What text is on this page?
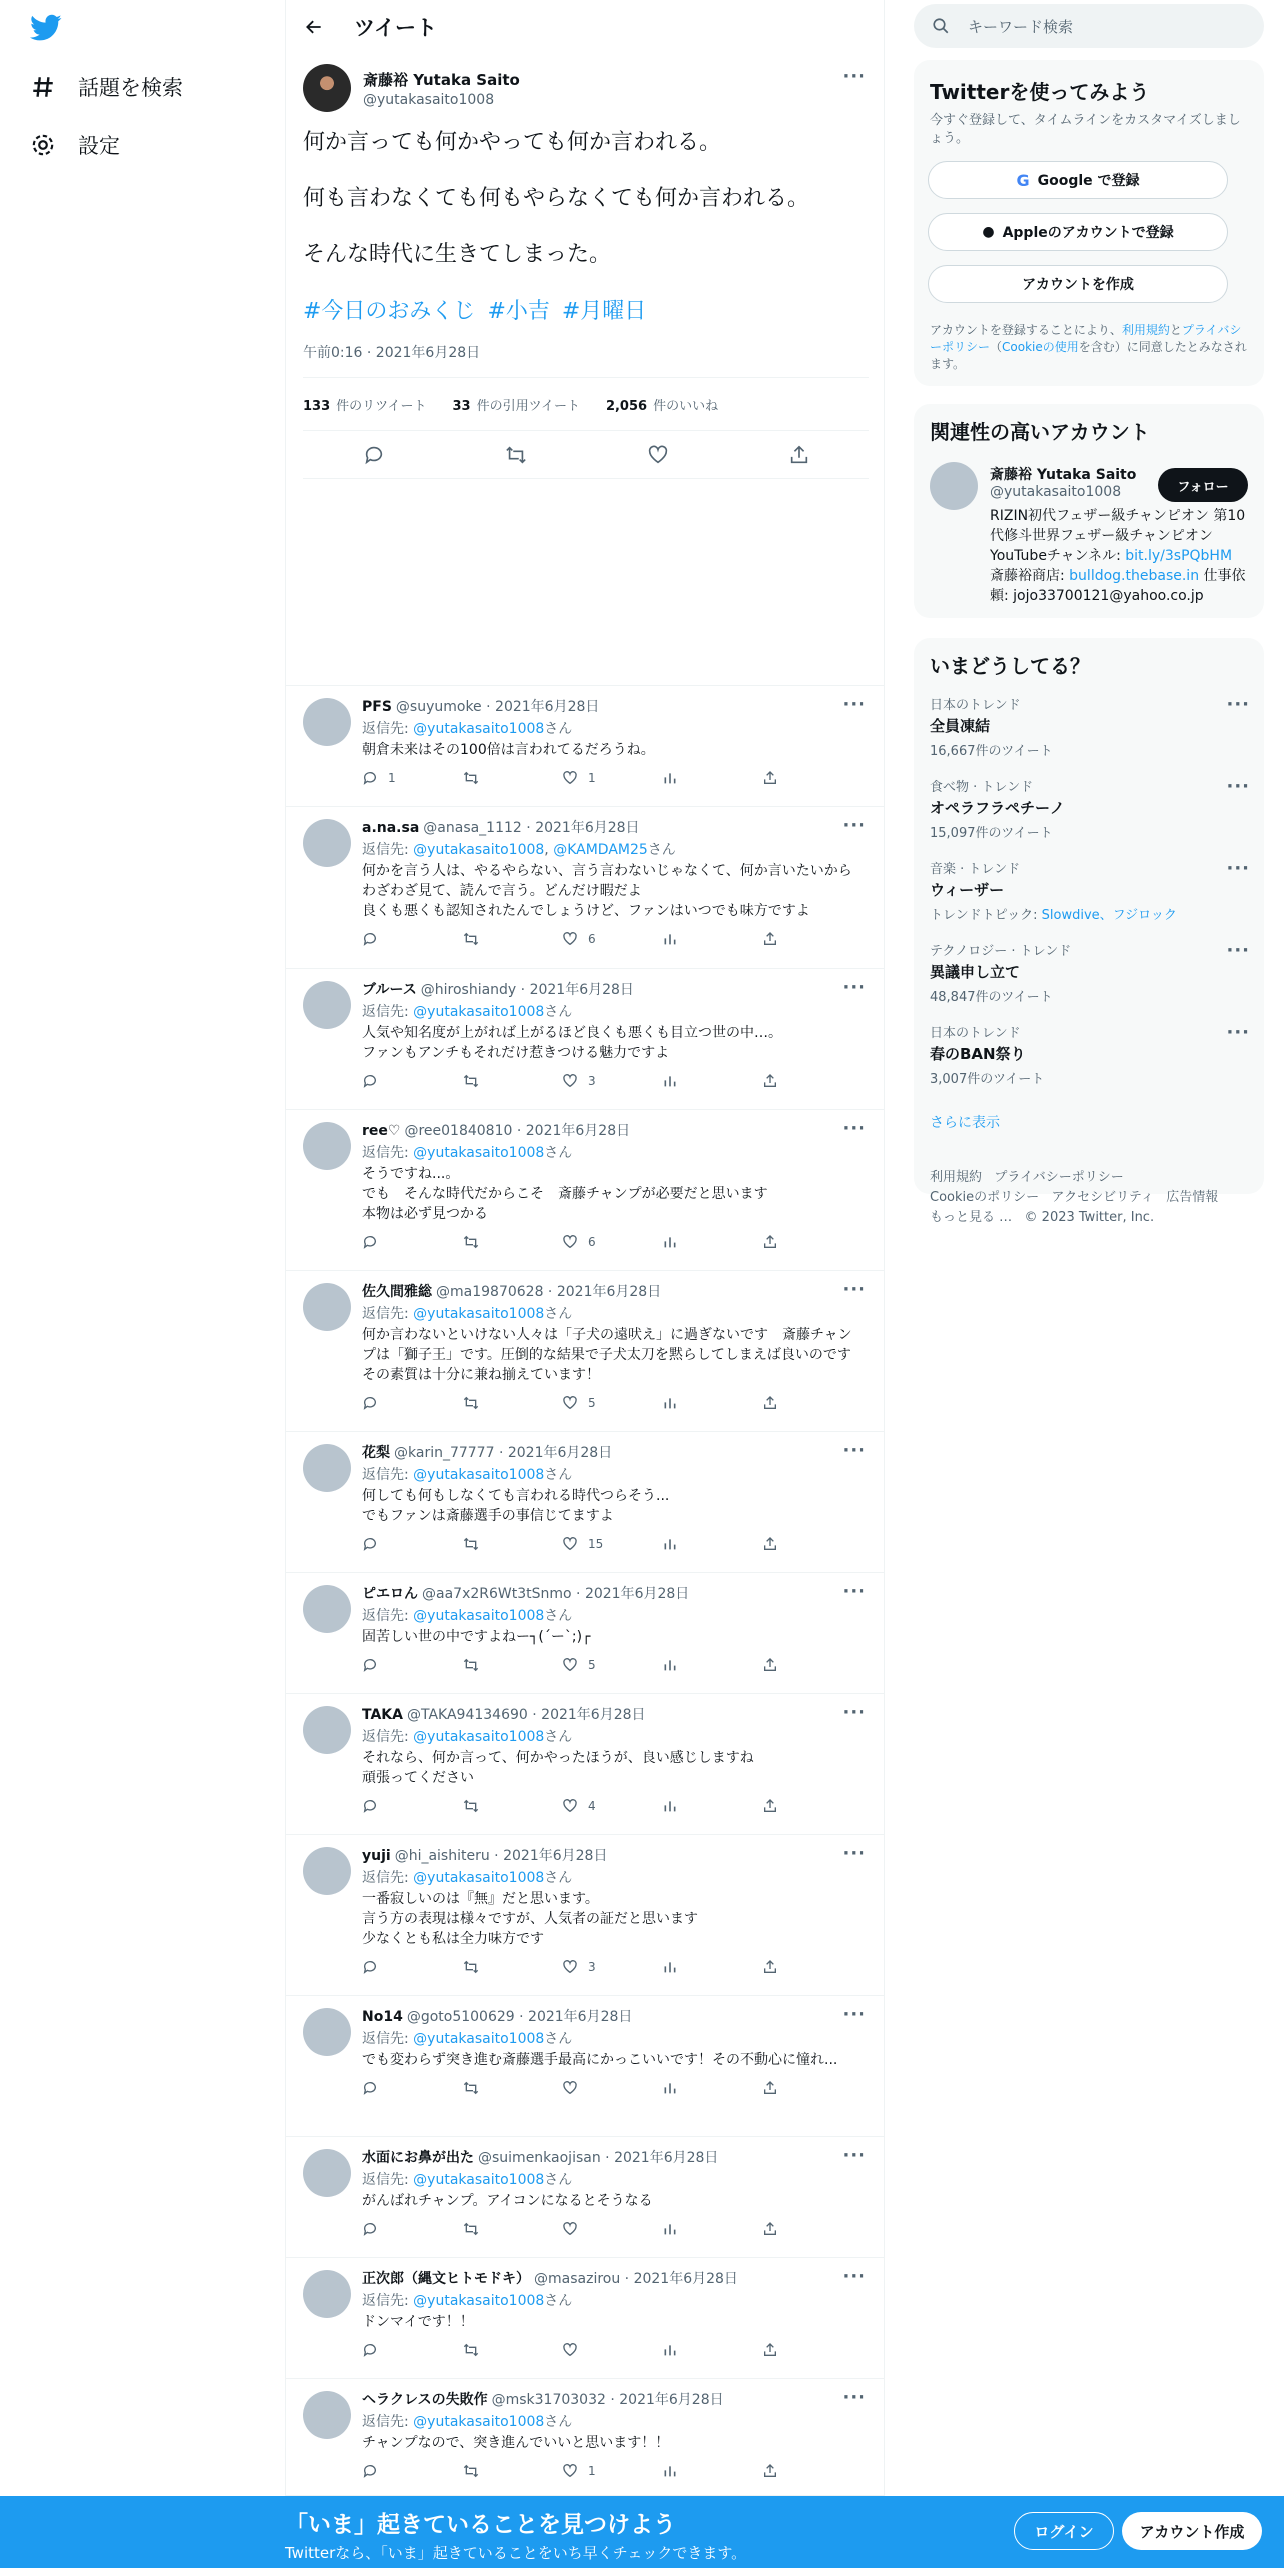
話題を検索
設定
ツイート
斎藤裕 Yutaka Saito
@yutakasaito1008
···
何か言っても何かやっても何か言われる。
何も言わなくても何もやらなくても何か言われる。
そんな時代に生きてしまった。
#今日のおみくじ #小吉 #月曜日
午前0:16 · 2021年6月28日
133 件のリツイート 33 件の引用ツイート 2,056 件のいいね
···
PFS @suyumoke · 2021年6月28日
返信先: @yutakasaito1008さん
朝倉未来はその100倍は言われてるだろうね。
1	1
···
a.na.sa @anasa_1112 · 2021年6月28日
返信先: @yutakasaito1008, @KAMDAM25さん
何かを言う人は、やるやらない、言う言わないじゃなくて、何か言いたいからわざわざ見て、読んで言う。どんだけ暇だよ
良くも悪くも認知されたんでしょうけど、ファンはいつでも味方ですよ
6
···
ブルース @hiroshiandy · 2021年6月28日
返信先: @yutakasaito1008さん
人気や知名度が上がれば上がるほど良くも悪くも目立つ世の中…。
ファンもアンチもそれだけ惹きつける魅力ですよ
3
···
ree♡ @ree01840810 · 2021年6月28日
返信先: @yutakasaito1008さん
そうですね...。
でも　そんな時代だからこそ　斎藤チャンプが必要だと思います
本物は必ず見つかる
6
···
佐久間雅総 @ma19870628 · 2021年6月28日
返信先: @yutakasaito1008さん
何か言わないといけない人々は「子犬の遠吠え」に過ぎないです　斎藤チャンプは「獅子王」です。圧倒的な結果で子犬太刀を黙らしてしまえば良いのです　その素質は十分に兼ね揃えています！
5
···
花梨 @karin_77777 · 2021年6月28日
返信先: @yutakasaito1008さん
何しても何もしなくても言われる時代つらそう...
でもファンは斎藤選手の事信じてますよ
15
···
ピエロん @aa7x2R6Wt3tSnmo · 2021年6月28日
返信先: @yutakasaito1008さん
固苦しい世の中ですよねー┐(´ー`;)┌
5
···
TAKA @TAKA94134690 · 2021年6月28日
返信先: @yutakasaito1008さん
それなら、何か言って、何かやったほうが、良い感じしますね
頑張ってください
4
···
yuji @hi_aishiteru · 2021年6月28日
返信先: @yutakasaito1008さん
一番寂しいのは『無』だと思います。
言う方の表現は様々ですが、人気者の証だと思います
少なくとも私は全力味方です
3
···
No14 @goto5100629 · 2021年6月28日
返信先: @yutakasaito1008さん
でも変わらず突き進む斎藤選手最高にかっこいいです！その不動心に憧れ...
···
水面にお鼻が出た @suimenkaojisan · 2021年6月28日
返信先: @yutakasaito1008さん
がんばれチャンプ。アイコンになるとそうなる
···
正次郎（縄文ヒトモドキ） @masazirou · 2021年6月28日
返信先: @yutakasaito1008さん
ドンマイです！！
···
ヘラクレスの失敗作 @msk31703032 · 2021年6月28日
返信先: @yutakasaito1008さん
チャンプなので、突き進んでいいと思います！！
1
キーワード検索
Twitterを使ってみよう
今すぐ登録して、タイムラインをカスタマイズしましょう。
G Google で登録
● Appleのアカウントで登録
アカウントを作成
アカウントを登録することにより、利用規約とプライバシーポリシー（Cookieの使用を含む）に同意したとみなされます。
関連性の高いアカウント
斎藤裕 Yutaka Saito
@yutakasaito1008	フォロー
RIZIN初代フェザー級チャンピオン 第10代修斗世界フェザー級チャンピオン YouTubeチャンネル: bit.ly/3sPQbHM
斎藤裕商店: bulldog.thebase.in 仕事依頼: jojo33700121@yahoo.co.jp
いまどうしてる？
···
日本のトレンド
全員凍結
16,667件のツイート
···
食べ物 · トレンド
オペラフラペチーノ
15,097件のツイート
···
音楽 · トレンド
ウィーザー
トレンドトピック: Slowdive、フジロック
···
テクノロジー · トレンド
異議申し立て
48,847件のツイート
···
日本のトレンド
春のBAN祭り
3,007件のツイート
さらに表示
利用規約 プライバシーポリシー
Cookieのポリシー アクセシビリティ 広告情報
もっと見る … © 2023 Twitter, Inc.
「いま」起きていることを見つけよう
Twitterなら、「いま」起きていることをいち早くチェックできます。
ログイン	アカウント作成
